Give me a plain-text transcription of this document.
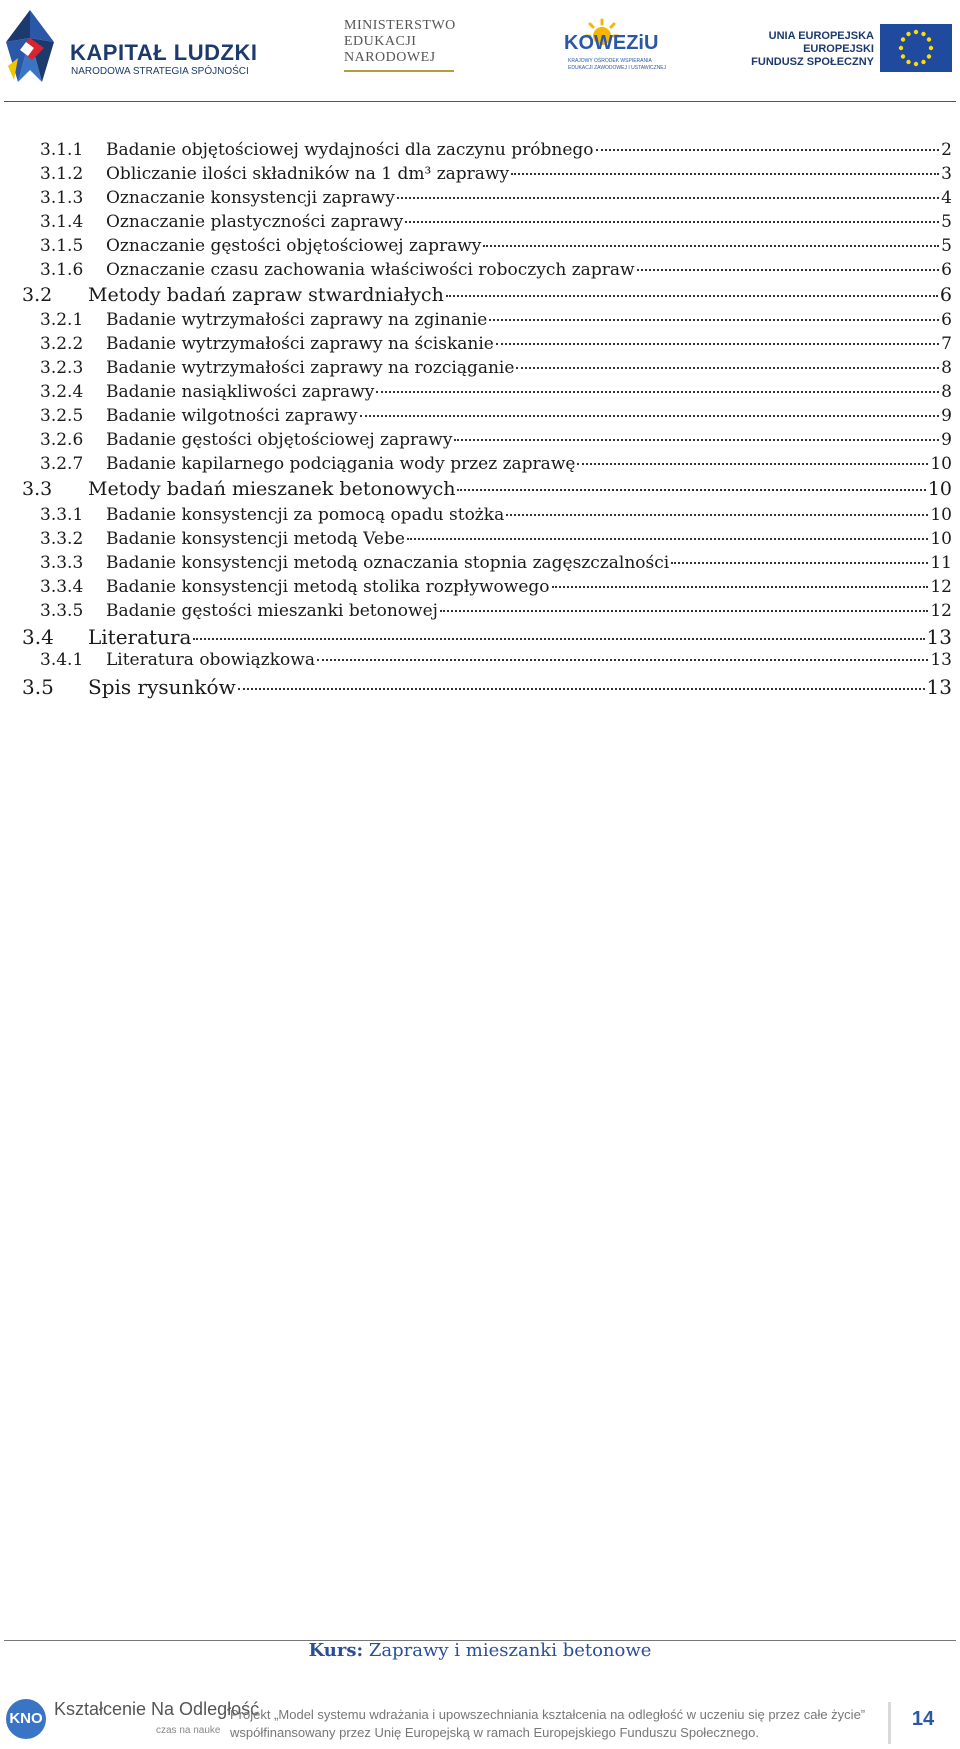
KAPITAŁ LUDZKI
NARODOWA STRATEGIA SPÓJNOŚCI
MINISTERSTWO
EDUKACJI
NARODOWEJ
KOWEZiU
KRAJOWY OŚRODEK WSPIERANIA EDUKACJI ZAWODOWEJ I USTAWICZNEJ
UNIA EUROPEJSKA
EUROPEJSKI
FUNDUSZ SPOŁECZNY
3.1.1 Badanie objętościowej wydajności dla zaczynu próbnego	2
3.1.2 Obliczanie ilości składników na 1 dm³ zaprawy	3
3.1.3 Oznaczanie konsystencji zaprawy	4
3.1.4 Oznaczanie plastyczności zaprawy	5
3.1.5 Oznaczanie gęstości objętościowej zaprawy	5
3.1.6 Oznaczanie czasu zachowania właściwości roboczych zapraw	6
3.2 Metody badań zapraw stwardniałych	6
3.2.1 Badanie wytrzymałości zaprawy na zginanie	6
3.2.2 Badanie wytrzymałości zaprawy na ściskanie	7
3.2.3 Badanie wytrzymałości zaprawy na rozciąganie	8
3.2.4 Badanie nasiąkliwości zaprawy	8
3.2.5 Badanie wilgotności zaprawy	9
3.2.6 Badanie gęstości objętościowej zaprawy	9
3.2.7 Badanie kapilarnego podciągania wody przez zaprawę	10
3.3 Metody badań mieszanek betonowych	10
3.3.1 Badanie konsystencji za pomocą opadu stożka	10
3.3.2 Badanie konsystencji metodą Vebe	10
3.3.3 Badanie konsystencji metodą oznaczania stopnia zagęszczalności	11
3.3.4 Badanie konsystencji metodą stolika rozpływowego	12
3.3.5 Badanie gęstości mieszanki betonowej	12
3.4 Literatura	13
3.4.1 Literatura obowiązkowa	13
3.5 Spis rysunków	13
Kurs: Zaprawy i mieszanki betonowe
KNO Kształcenie Na Odległość
czas na nauke
Projekt „Model systemu wdrażania i upowszechniania kształcenia na odległość w uczeniu się przez całe życie”
współfinansowany przez Unię Europejską w ramach Europejskiego Funduszu Społecznego.
14
